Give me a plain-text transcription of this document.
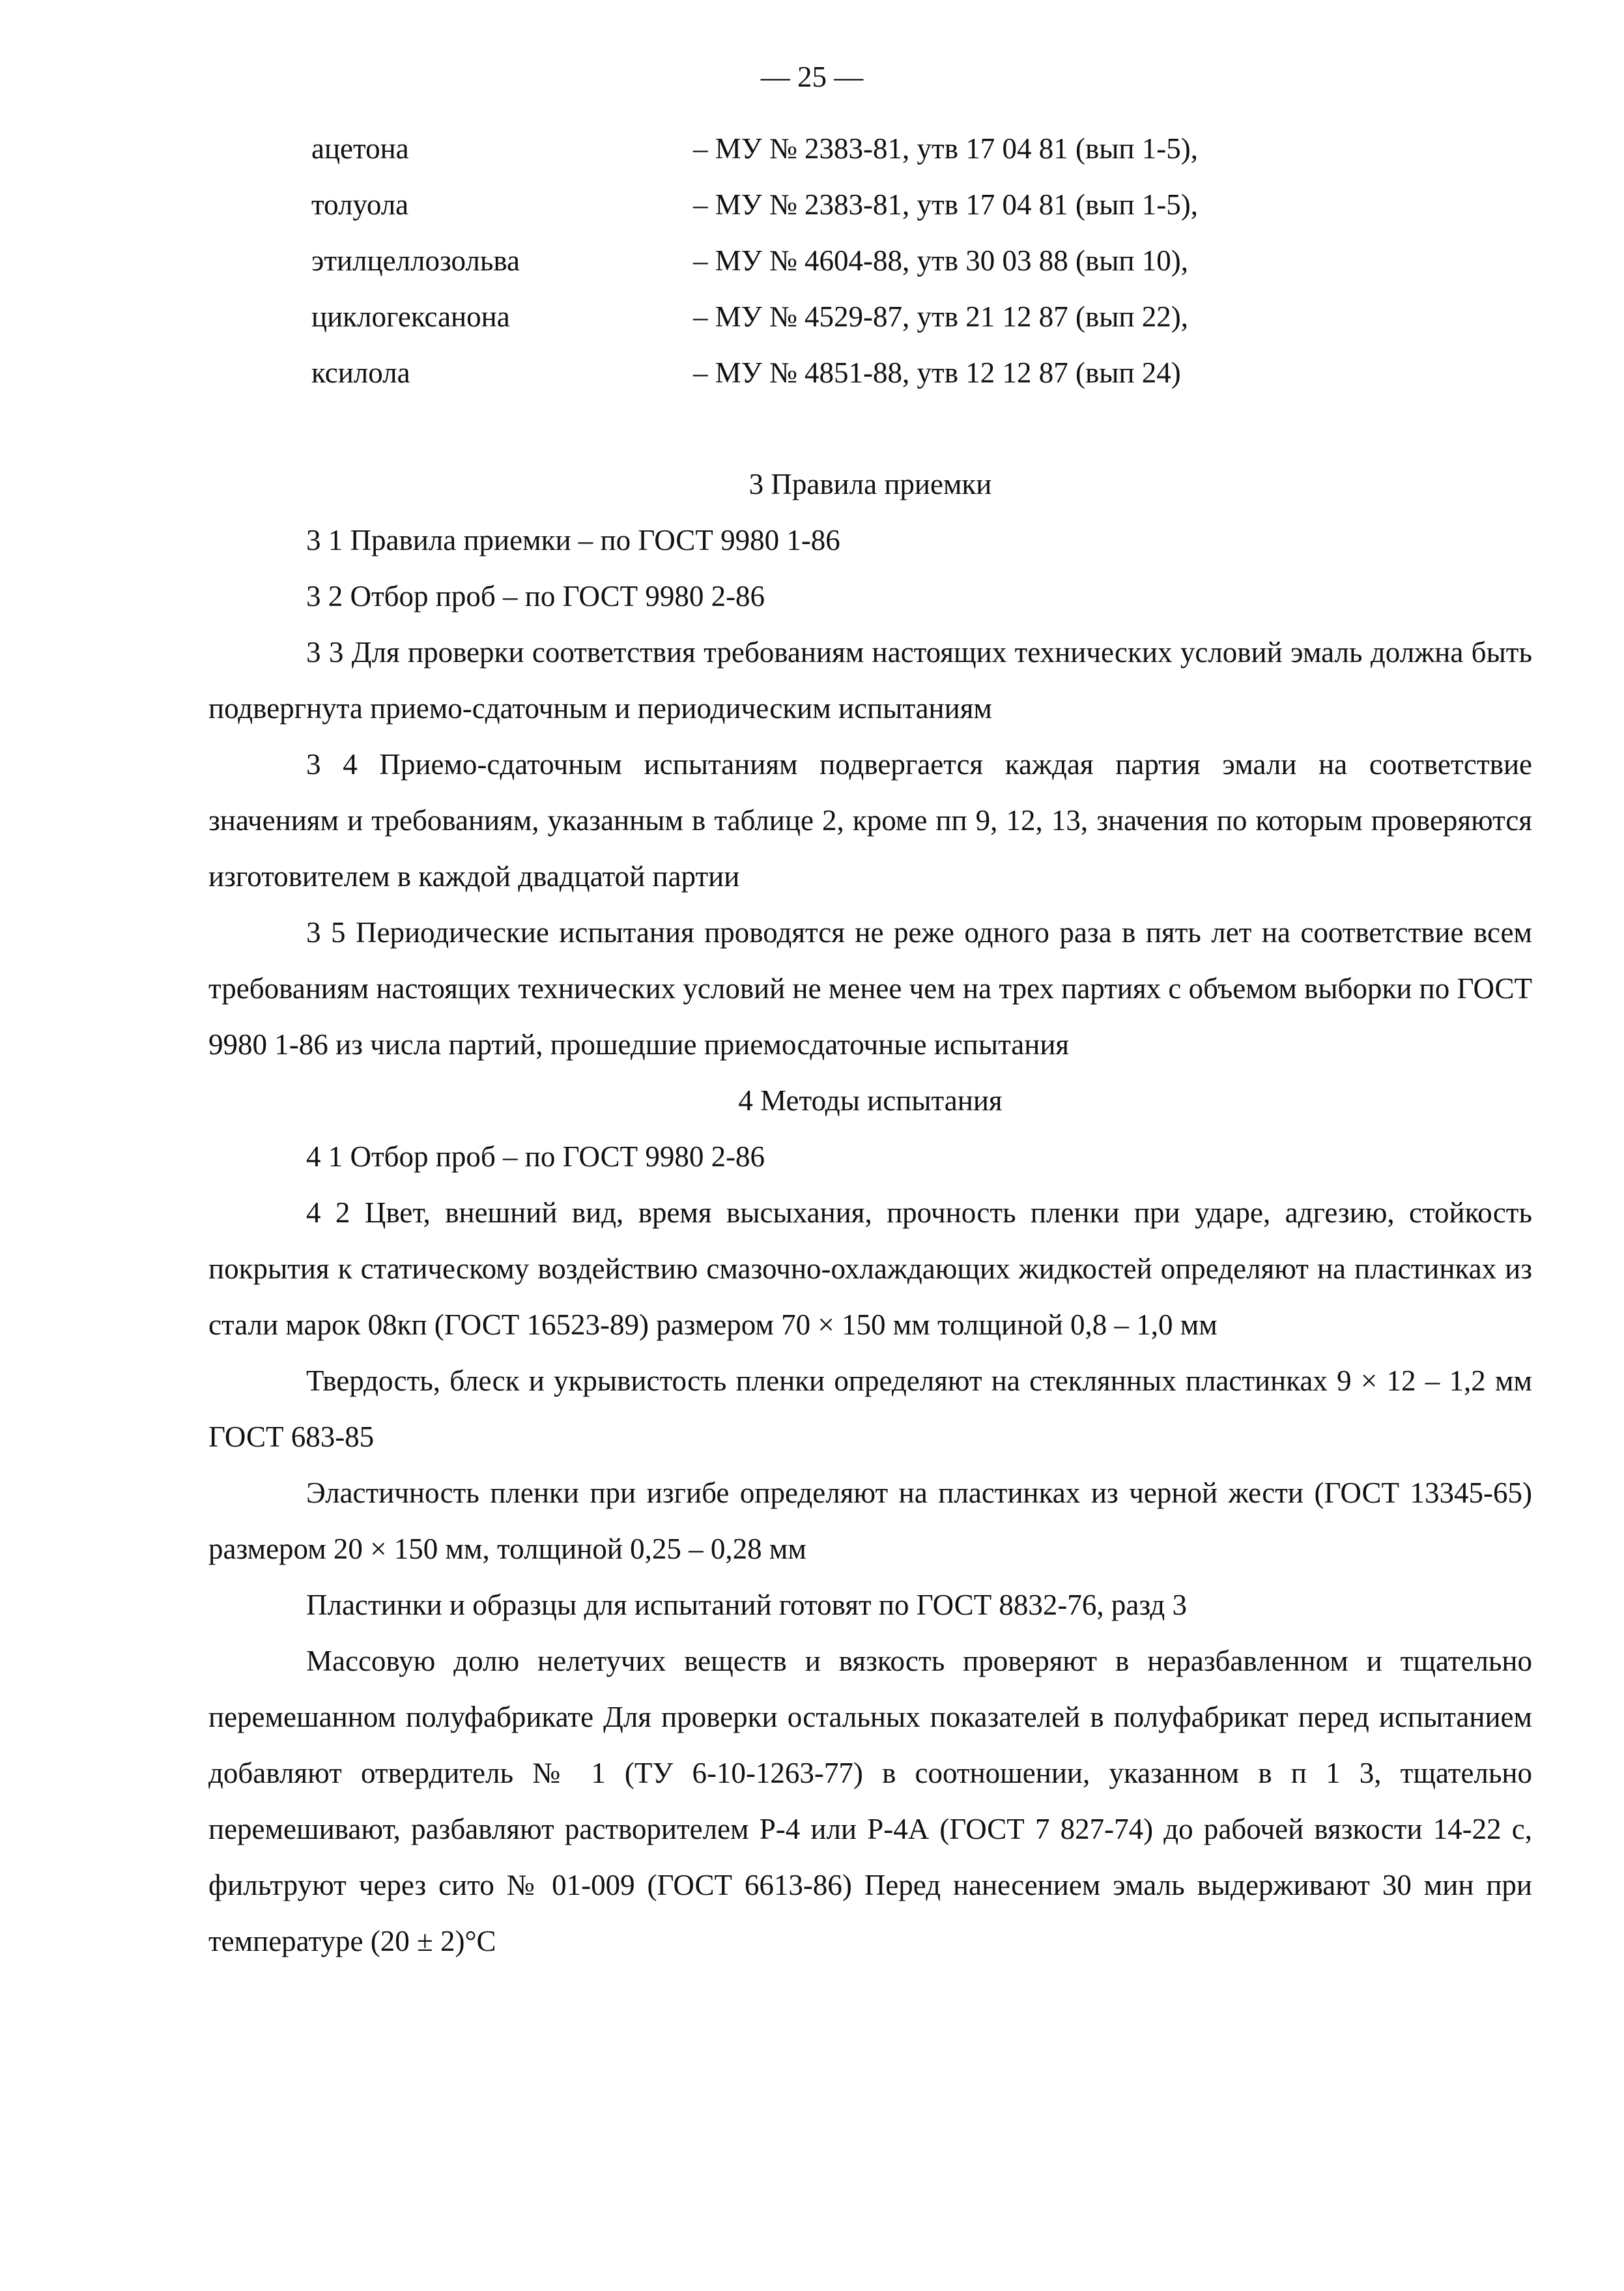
— 25 —
ацетона	– МУ № 2383-81, утв 17 04 81 (вып 1-5),
толуола	– МУ № 2383-81, утв 17 04 81 (вып 1-5),
этилцеллозольва	– МУ № 4604-88, утв 30 03 88 (вып 10),
циклогексанона	– МУ № 4529-87, утв 21 12 87 (вып 22),
ксилола	– МУ № 4851-88, утв 12 12 87 (вып 24)

3 Правила приемки

3 1 Правила приемки – по ГОСТ 9980 1-86

3 2 Отбор проб – по ГОСТ 9980 2-86

3 3 Для проверки соответствия требованиям настоящих технических условий эмаль должна быть подвергнута приемо-сдаточным и периодическим испытаниям

3 4 Приемо-сдаточным испытаниям подвергается каждая партия эмали на соответствие значениям и требованиям, указанным в таблице 2, кроме пп 9, 12, 13, значения по которым проверяются изготовителем в каждой двадцатой партии

3 5 Периодические испытания проводятся не реже одного раза в пять лет на соответствие всем требованиям настоящих технических условий не менее чем на трех партиях с объемом выборки по ГОСТ 9980 1-86 из числа партий, прошедшие приемосдаточные испытания

4 Методы испытания

4 1 Отбор проб – по ГОСТ 9980 2-86

4 2 Цвет, внешний вид, время высыхания, прочность пленки при ударе, адгезию, стойкость покрытия к статическому воздействию смазочно-охлаждающих жидкостей определяют на пластинках из стали марок 08кп (ГОСТ 16523-89) размером 70 × 150 мм толщиной 0,8 – 1,0 мм

Твердость, блеск и укрывистость пленки определяют на стеклянных пластинках 9 × 12 – 1,2 мм ГОСТ 683-85

Эластичность пленки при изгибе определяют на пластинках из черной жести (ГОСТ 13345-65) размером 20 × 150 мм, толщиной 0,25 – 0,28 мм

Пластинки и образцы для испытаний готовят по ГОСТ 8832-76, разд 3

Массовую долю нелетучих веществ и вязкость проверяют в неразбавленном и тщательно перемешанном полуфабрикате Для проверки остальных показателей в полуфабрикат перед испытанием добавляют отвердитель № 1 (ТУ 6-10-1263-77) в соотношении, указанном в п 1 3, тщательно перемешивают, разбавляют растворителем Р-4 или Р-4А (ГОСТ 7 827-74) до рабочей вязкости 14-22 с, фильтруют через сито № 01-009 (ГОСТ 6613-86) Перед нанесением эмаль выдерживают 30 мин при температуре (20 ± 2)°С
